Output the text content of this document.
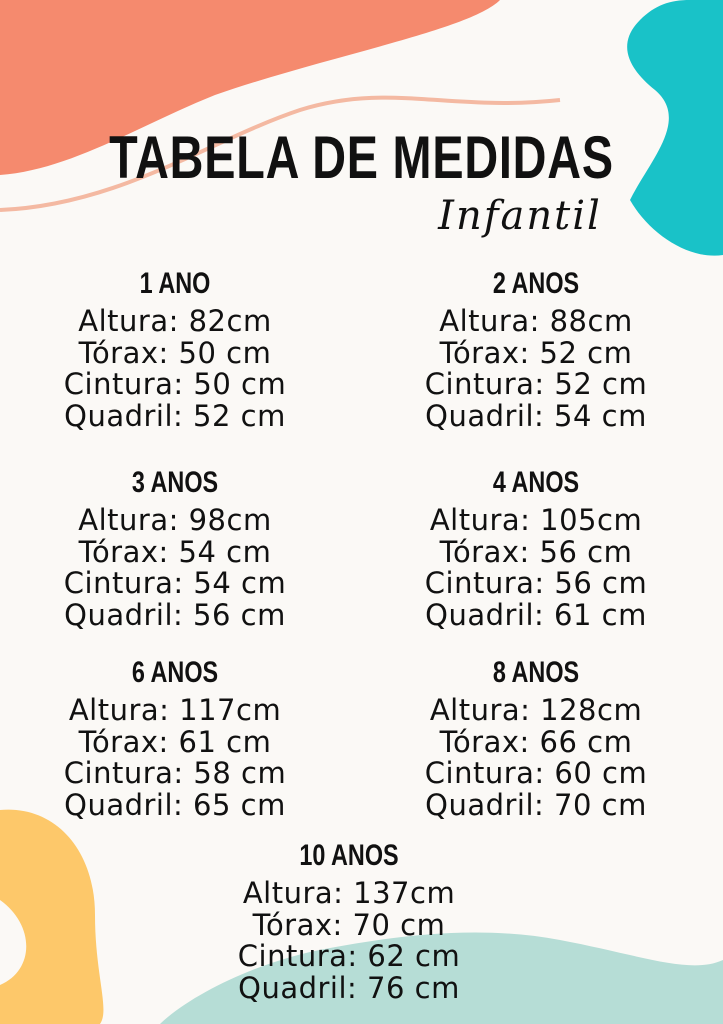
TABELA DE MEDIDAS
Infantil
1 ANO
Altura: 82cm
Tórax: 50 cm
Cintura: 50 cm
Quadril: 52 cm
2 ANOS
Altura: 88cm
Tórax: 52 cm
Cintura: 52 cm
Quadril: 54 cm
3 ANOS
Altura: 98cm
Tórax: 54 cm
Cintura: 54 cm
Quadril: 56 cm
4 ANOS
Altura: 105cm
Tórax: 56 cm
Cintura: 56 cm
Quadril: 61 cm
6 ANOS
Altura: 117cm
Tórax: 61 cm
Cintura: 58 cm
Quadril: 65 cm
8 ANOS
Altura: 128cm
Tórax: 66 cm
Cintura: 60 cm
Quadril: 70 cm
10 ANOS
Altura: 137cm
Tórax: 70 cm
Cintura: 62 cm
Quadril: 76 cm
